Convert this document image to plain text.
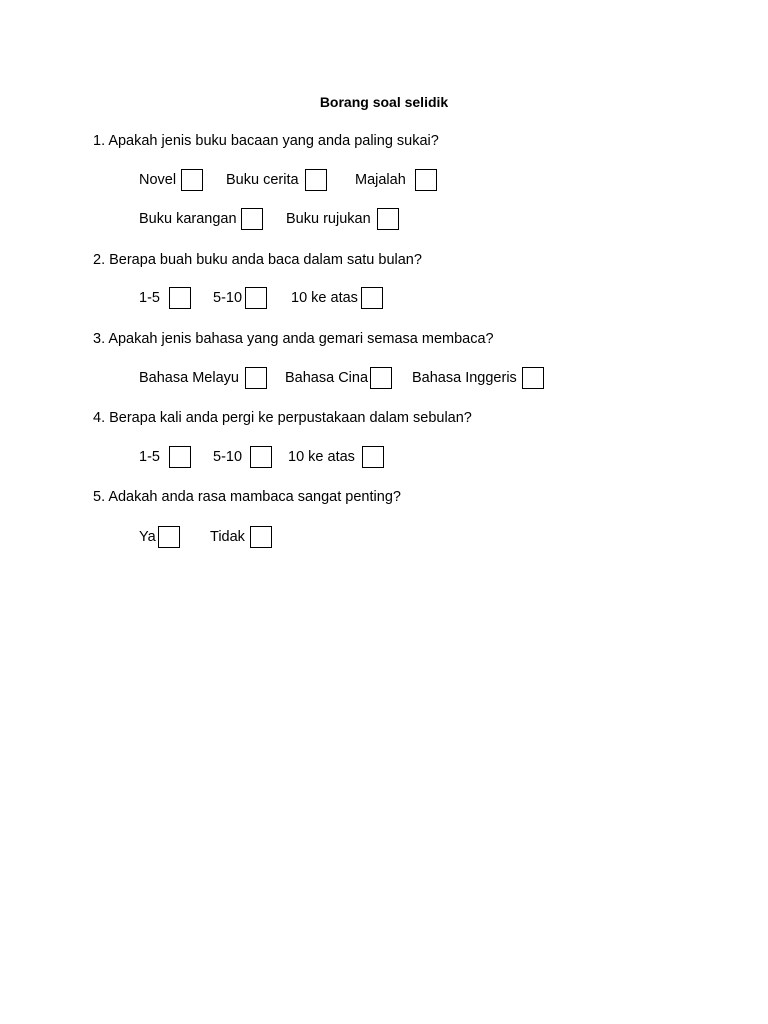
Borang soal selidik
1. Apakah jenis buku bacaan yang anda paling sukai?
Novel	Buku cerita	Majalah
Buku karangan	Buku rujukan
2. Berapa buah buku anda baca dalam satu bulan?
1-5	5-10	10 ke atas
3. Apakah jenis bahasa yang anda gemari semasa membaca?
Bahasa Melayu	Bahasa Cina	Bahasa Inggeris
4. Berapa kali anda pergi ke perpustakaan dalam sebulan?
1-5	5-10	10 ke atas
5. Adakah anda rasa mambaca sangat penting?
Ya	Tidak
